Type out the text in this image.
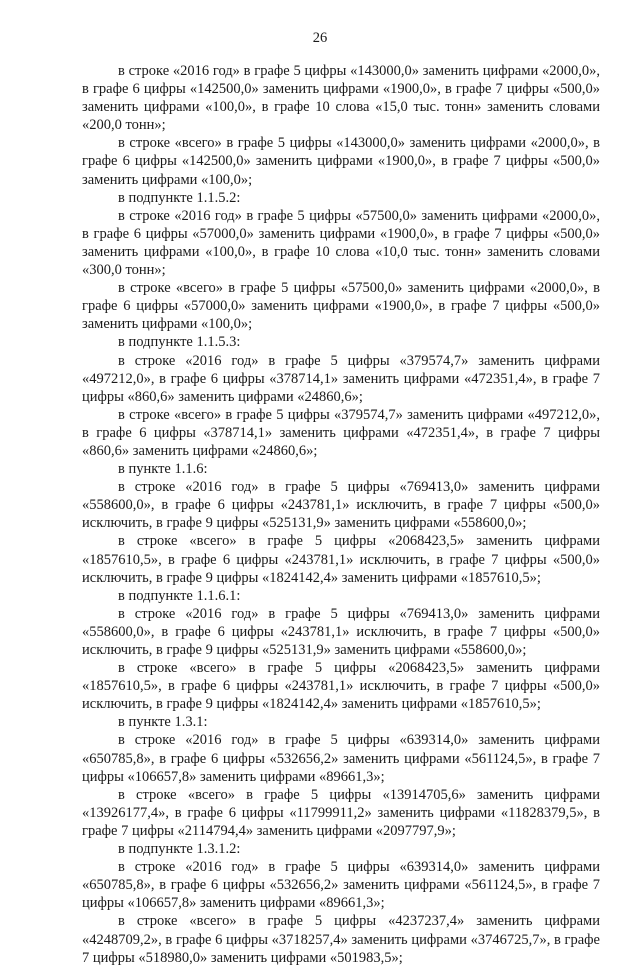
26

в строке «2016 год» в графе 5 цифры «143000,0» заменить цифрами «2000,0», в графе 6 цифры «142500,0» заменить цифрами «1900,0», в графе 7 цифры «500,0» заменить цифрами «100,0», в графе 10 слова «15,0 тыс. тонн» заменить словами «200,0 тонн»;

в строке «всего» в графе 5 цифры «143000,0» заменить цифрами «2000,0», в графе 6 цифры «142500,0» заменить цифрами «1900,0», в графе 7 цифры «500,0» заменить цифрами «100,0»;

в подпункте 1.1.5.2:

в строке «2016 год» в графе 5 цифры «57500,0» заменить цифрами «2000,0», в графе 6 цифры «57000,0» заменить цифрами «1900,0», в графе 7 цифры «500,0» заменить цифрами «100,0», в графе 10 слова «10,0 тыс. тонн» заменить словами «300,0 тонн»;

в строке «всего» в графе 5 цифры «57500,0» заменить цифрами «2000,0», в графе 6 цифры «57000,0» заменить цифрами «1900,0», в графе 7 цифры «500,0» заменить цифрами «100,0»;

в подпункте 1.1.5.3:

в строке «2016 год» в графе 5 цифры «379574,7» заменить цифрами «497212,0», в графе 6 цифры «378714,1» заменить цифрами «472351,4», в графе 7 цифры «860,6» заменить цифрами «24860,6»;

в строке «всего» в графе 5 цифры «379574,7» заменить цифрами «497212,0», в графе 6 цифры «378714,1» заменить цифрами «472351,4», в графе 7 цифры «860,6» заменить цифрами «24860,6»;

в пункте 1.1.6:

в строке «2016 год» в графе 5 цифры «769413,0» заменить цифрами «558600,0», в графе 6 цифры «243781,1» исключить, в графе 7 цифры «500,0» исключить, в графе 9 цифры «525131,9» заменить цифрами «558600,0»;

в строке «всего» в графе 5 цифры «2068423,5» заменить цифрами «1857610,5», в графе 6 цифры «243781,1» исключить, в графе 7 цифры «500,0» исключить, в графе 9 цифры «1824142,4» заменить цифрами «1857610,5»;

в подпункте 1.1.6.1:

в строке «2016 год» в графе 5 цифры «769413,0» заменить цифрами «558600,0», в графе 6 цифры «243781,1» исключить, в графе 7 цифры «500,0» исключить, в графе 9 цифры «525131,9» заменить цифрами «558600,0»;

в строке «всего» в графе 5 цифры «2068423,5» заменить цифрами «1857610,5», в графе 6 цифры «243781,1» исключить, в графе 7 цифры «500,0» исключить, в графе 9 цифры «1824142,4» заменить цифрами «1857610,5»;

в пункте 1.3.1:

в строке «2016 год» в графе 5 цифры «639314,0» заменить цифрами «650785,8», в графе 6 цифры «532656,2» заменить цифрами «561124,5», в графе 7 цифры «106657,8» заменить цифрами «89661,3»;

в строке «всего» в графе 5 цифры «13914705,6» заменить цифрами «13926177,4», в графе 6 цифры «11799911,2» заменить цифрами «11828379,5», в графе 7 цифры «2114794,4» заменить цифрами «2097797,9»;

в подпункте 1.3.1.2:

в строке «2016 год» в графе 5 цифры «639314,0» заменить цифрами «650785,8», в графе 6 цифры «532656,2» заменить цифрами «561124,5», в графе 7 цифры «106657,8» заменить цифрами «89661,3»;

в строке «всего» в графе 5 цифры «4237237,4» заменить цифрами «4248709,2», в графе 6 цифры «3718257,4» заменить цифрами «3746725,7», в графе 7 цифры «518980,0» заменить цифрами «501983,5»;
